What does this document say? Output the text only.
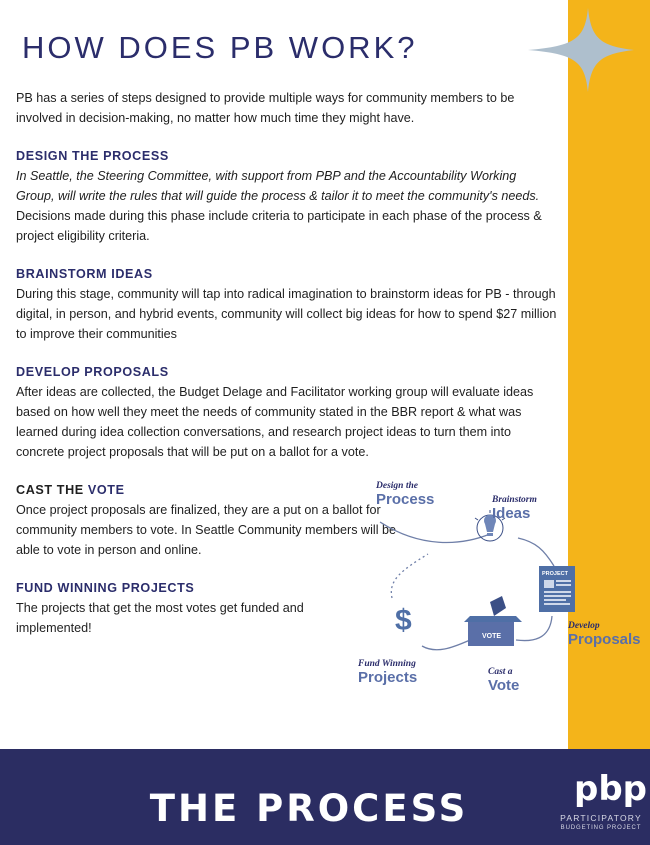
HOW DOES PB WORK?

PB has a series of steps designed to provide multiple ways for community members to be involved in decision-making, no matter how much time they might have.

DESIGN THE PROCESS

In Seattle, the Steering Committee, with support from PBP and the Accountability Working Group, will write the rules that will guide the process & tailor it to meet the community's needs. Decisions made during this phase include criteria to participate in each phase of the process & project eligibility criteria.

BRAINSTORM IDEAS

During this stage, community will tap into radical imagination to brainstorm ideas for PB - through digital, in person, and hybrid events, community will collect big ideas for how to spend $27 million to improve their communities

DEVELOP PROPOSALS

After ideas are collected, the Budget Delage and Facilitator working group will evaluate ideas based on how well they meet the needs of community stated in the BBR report & what was learned during idea collection conversations, and research project ideas to turn them into concrete project proposals that will be put on a ballot for a vote.

CAST THE VOTE

Once project proposals are finalized, they are a put on a ballot for community members to vote. In Seattle Community members will be able to vote in person and online.

FUND WINNING PROJECTS

The projects that get the most votes get funded and implemented!

PROJECT
VOTE
$
Design the
Process	Brainstorm
Ideas
Develop
Proposals
Cast a
Vote
Fund Winning
Projects
THE PROCESS	pbp
PARTICIPATORY
BUDGETING PROJECT
